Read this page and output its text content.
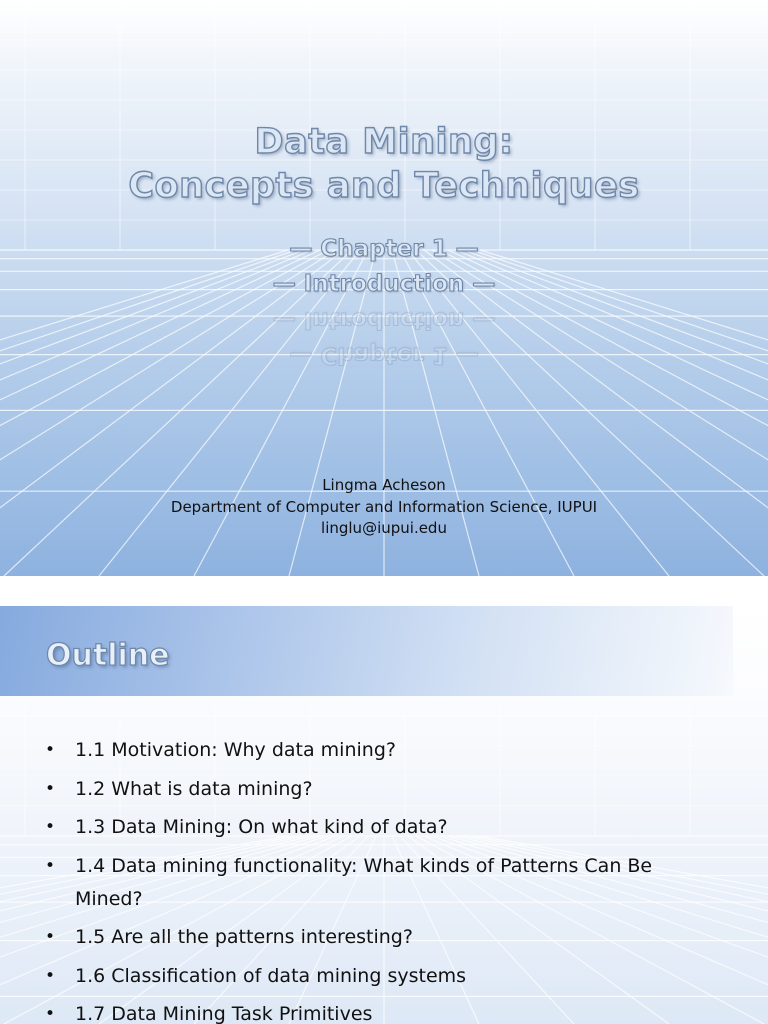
Data Mining:
Concepts and Techniques
— Chapter 1 —
— Introduction —
— Chapter 1 —
— Introduction —
Lingma Acheson
Department of Computer and Information Science, IUPUI
linglu@iupui.edu
Outline
• 1.1 Motivation: Why data mining?
• 1.2 What is data mining?
• 1.3 Data Mining: On what kind of data?
• 1.4 Data mining functionality: What kinds of Patterns Can Be Mined?
• 1.5 Are all the patterns interesting?
• 1.6 Classification of data mining systems
• 1.7 Data Mining Task Primitives
